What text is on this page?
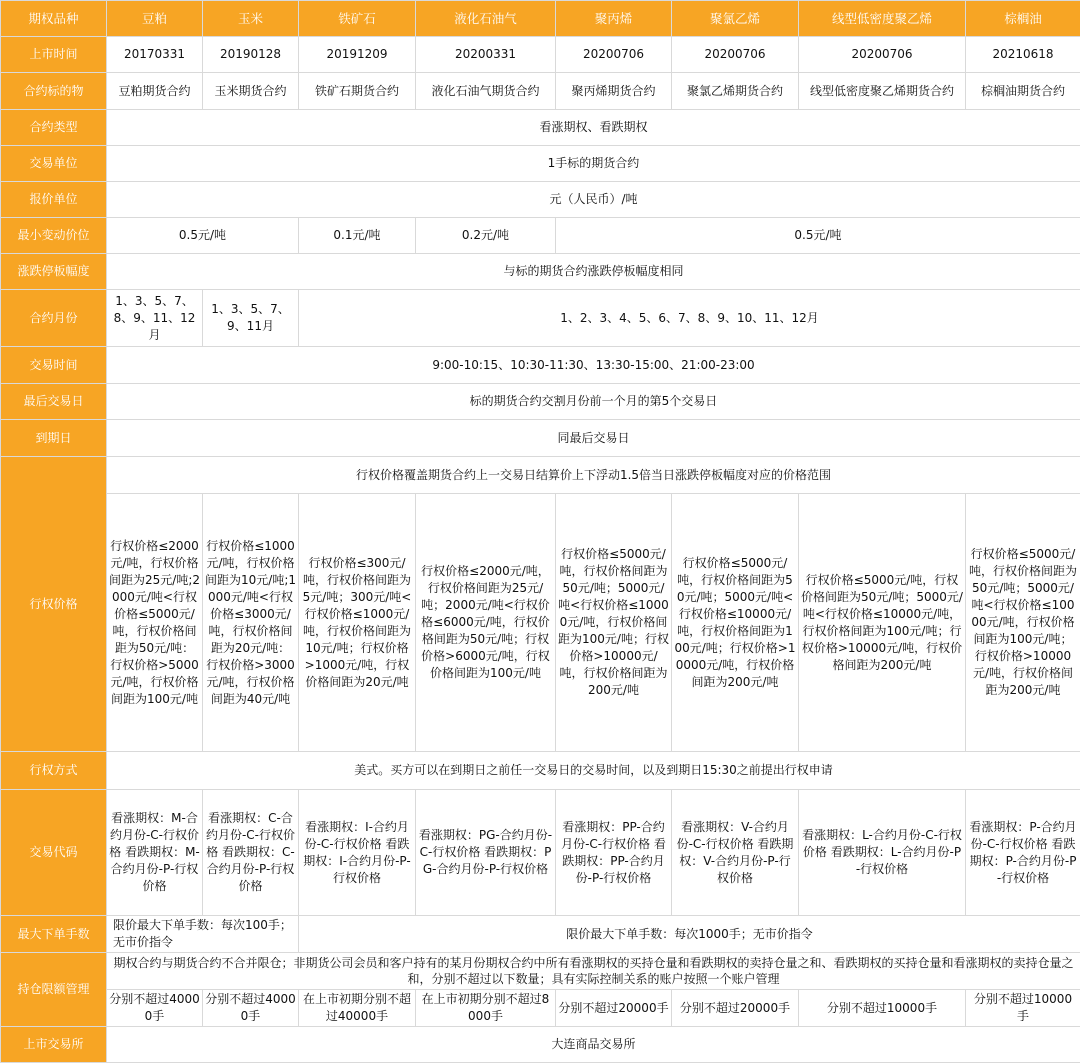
期权品种	豆粕	玉米	铁矿石	液化石油气	聚丙烯	聚氯乙烯	线型低密度聚乙烯	棕榈油
上市时间	20170331	20190128	20191209	20200331	20200706	20200706	20200706	20210618
合约标的物	豆粕期货合约	玉米期货合约	铁矿石期货合约	液化石油气期货合约	聚丙烯期货合约	聚氯乙烯期货合约	线型低密度聚乙烯期货合约	棕榈油期货合约
合约类型	看涨期权、看跌期权							
交易单位	1手标的期货合约							
报价单位	元（人民币）/吨							
最小变动价位	0.5元/吨		0.1元/吨	0.2元/吨	0.5元/吨			
涨跌停板幅度	与标的期货合约涨跌停板幅度相同							
合约月份	1、3、5、7、8、9、11、12月	1、3、5、7、9、11月	1、2、3、4、5、6、7、8、9、10、11、12月					
交易时间	9:00-10:15、10:30-11:30、13:30-15:00、21:00-23:00							
最后交易日	标的期货合约交割月份前一个月的第5个交易日							
到期日	同最后交易日							
行权价格	行权价格覆盖期货合约上一交易日结算价上下浮动1.5倍当日涨跌停板幅度对应的价格范围							
	行权价格≤2000元/吨，行权价格间距为25元/吨;2000元/吨<行权价格≤5000元/吨，行权价格间距为50元/吨：行权价格>5000元/吨，行权价格间距为100元/吨	行权价格≤1000元/吨，行权价格间距为10元/吨;1000元/吨<行权价格≤3000元/吨，行权价格间距为20元/吨：行权价格>3000元/吨，行权价格间距为40元/吨	行权价格≤300元/吨，行权价格间距为5元/吨；300元/吨<行权价格≤1000元/吨，行权价格间距为10元/吨；行权价格>1000元/吨，行权价格间距为20元/吨	行权价格≤2000元/吨，行权价格间距为25元/吨；2000元/吨<行权价格≤6000元/吨，行权价格间距为50元/吨；行权价格>6000元/吨，行权价格间距为100元/吨	行权价格≤5000元/吨，行权价格间距为50元/吨；5000元/吨<行权价格≤10000元/吨，行权价格间距为100元/吨；行权价格>10000元/吨，行权价格间距为200元/吨	行权价格≤5000元/吨，行权价格间距为50元/吨；5000元/吨<行权价格≤10000元/吨，行权价格间距为100元/吨；行权价格>10000元/吨，行权价格间距为200元/吨	行权价格≤5000元/吨，行权价格间距为50元/吨；5000元/吨<行权价格≤10000元/吨，行权价格间距为100元/吨；行权价格>10000元/吨，行权价格间距为200元/吨	行权价格≤5000元/吨，行权价格间距为50元/吨；5000元/吨<行权价格≤10000元/吨，行权价格间距为100元/吨；行权价格>10000元/吨，行权价格间距为200元/吨
行权方式	美式。买方可以在到期日之前任一交易日的交易时间，以及到期日15:30之前提出行权申请							
交易代码	看涨期权：M-合约月份-C-行权价格 看跌期权：M-合约月份-P-行权价格	看涨期权：C-合约月份-C-行权价格 看跌期权：C-合约月份-P-行权价格	看涨期权：I-合约月份-C-行权价格 看跌期权：I-合约月份-P-行权价格	看涨期权：PG-合约月份-C-行权价格 看跌期权：PG-合约月份-P-行权价格	看涨期权：PP-合约月份-C-行权价格 看跌期权：PP-合约月份-P-行权价格	看涨期权：V-合约月份-C-行权价格 看跌期权：V-合约月份-P-行权价格	看涨期权：L-合约月份-C-行权价格 看跌期权：L-合约月份-P-行权价格	看涨期权：P-合约月份-C-行权价格 看跌期权：P-合约月份-P-行权价格
最大下单手数	限价最大下单手数：每次100手；无市价指令		限价最大下单手数：每次1000手；无市价指令					
持仓限额管理	期权合约与期货合约不合并限仓；非期货公司会员和客户持有的某月份期权合约中所有看涨期权的买持仓量和看跌期权的卖持仓量之和、看跌期权的买持仓量和看涨期权的卖持仓量之和，分别不超过以下数量；具有实际控制关系的账户按照一个账户管理							
	分别不超过40000手	分别不超过40000手	在上市初期分别不超过40000手	在上市初期分别不超过8000手	分别不超过20000手	分别不超过20000手	分别不超过10000手	分别不超过10000手
上市交易所	大连商品交易所							
